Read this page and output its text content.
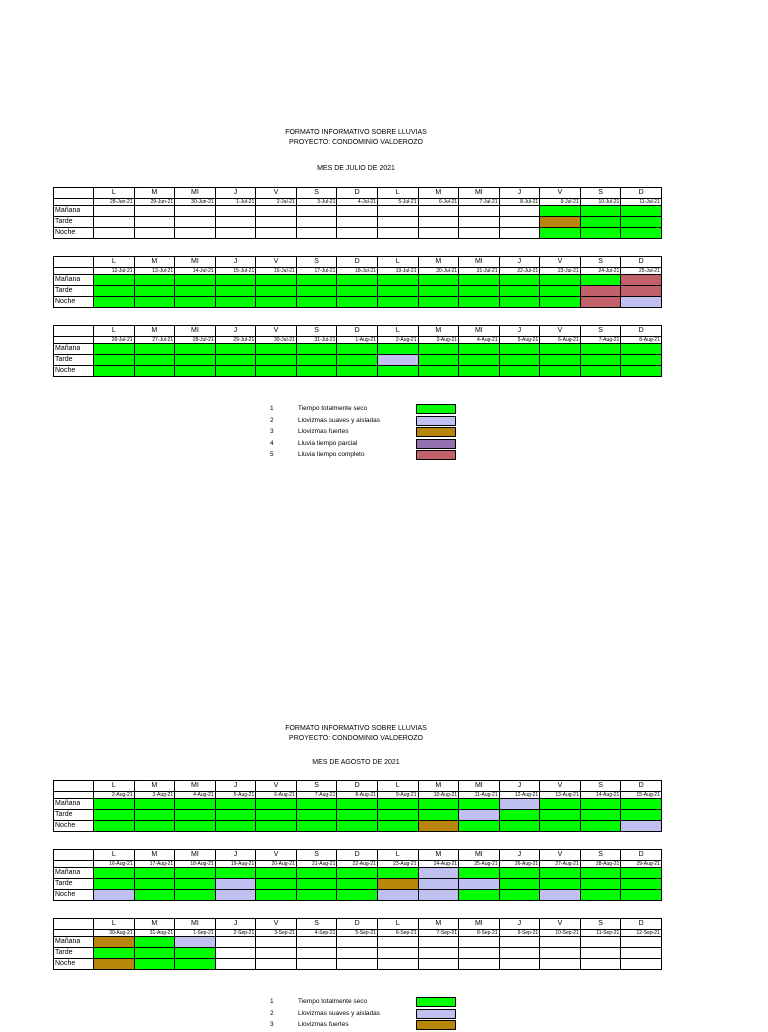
FORMATO INFORMATIVO SOBRE LLUVIAS
PROYECTO: CONDOMINIO VALDEROZO
MES DE JULIO DE 2021
	L	M	MI	J	V	S	D	L	M	MI	J	V	S	D
	28-Jun-21	29-Jun-21	30-Jun-21	1-Jul-21	2-Jul-21	3-Jul-21	4-Jul-21	5-Jul-21	6-Jul-21	7-Jul-21	8-Jul-21	9-Jul-21	10-Jul-21	11-Jul-21
Mañana														
Tarde														
Noche														
	L	M	MI	J	V	S	D	L	M	MI	J	V	S	D
	12-Jul-21	13-Jul-21	14-Jul-21	15-Jul-21	16-Jul-21	17-Jul-21	18-Jul-21	19-Jul-21	20-Jul-21	21-Jul-21	22-Jul-21	23-Jul-21	24-Jul-21	25-Jul-21
Mañana														
Tarde														
Noche														
	L	M	MI	J	V	S	D	L	M	MI	J	V	S	D
	26-Jul-21	27-Jul-21	28-Jul-21	29-Jul-21	30-Jul-21	31-Jul-21	1-Aug-21	2-Aug-21	3-Aug-21	4-Aug-21	5-Aug-21	6-Aug-21	7-Aug-21	8-Aug-21
Mañana														
Tarde														
Noche														
1	Tiempo totalmente seco
2	Llovizmas suaves y aisladas
3	Llovizmas fuertes
4	Lluvia tiempo parcial
5	Lluvia tiempo completo
FORMATO INFORMATIVO SOBRE LLUVIAS
PROYECTO: CONDOMINIO VALDEROZO
MES DE AGOSTO DE 2021
	L	M	MI	J	V	S	D	L	M	MI	J	V	S	D
	2-Aug-21	3-Aug-21	4-Aug-21	5-Aug-21	6-Aug-21	7-Aug-21	8-Aug-21	9-Aug-21	10-Aug-21	11-Aug-21	12-Aug-21	13-Aug-21	14-Aug-21	15-Aug-21
Mañana														
Tarde														
Noche														
	L	M	MI	J	V	S	D	L	M	MI	J	V	S	D
	16-Aug-21	17-Aug-21	18-Aug-21	19-Aug-21	20-Aug-21	21-Aug-21	22-Aug-21	23-Aug-21	24-Aug-21	25-Aug-21	26-Aug-21	27-Aug-21	28-Aug-21	29-Aug-21
Mañana														
Tarde														
Noche														
	L	M	MI	J	V	S	D	L	M	MI	J	V	S	D
	30-Aug-21	31-Aug-21	1-Sep-21	2-Sep-21	3-Sep-21	4-Sep-21	5-Sep-21	6-Sep-21	7-Sep-21	8-Sep-21	9-Sep-21	10-Sep-21	11-Sep-21	12-Sep-21
Mañana														
Tarde														
Noche														
1	Tiempo totalmente seco
2	Llovizmas suaves y aisladas
3	Llovizmas fuertes
